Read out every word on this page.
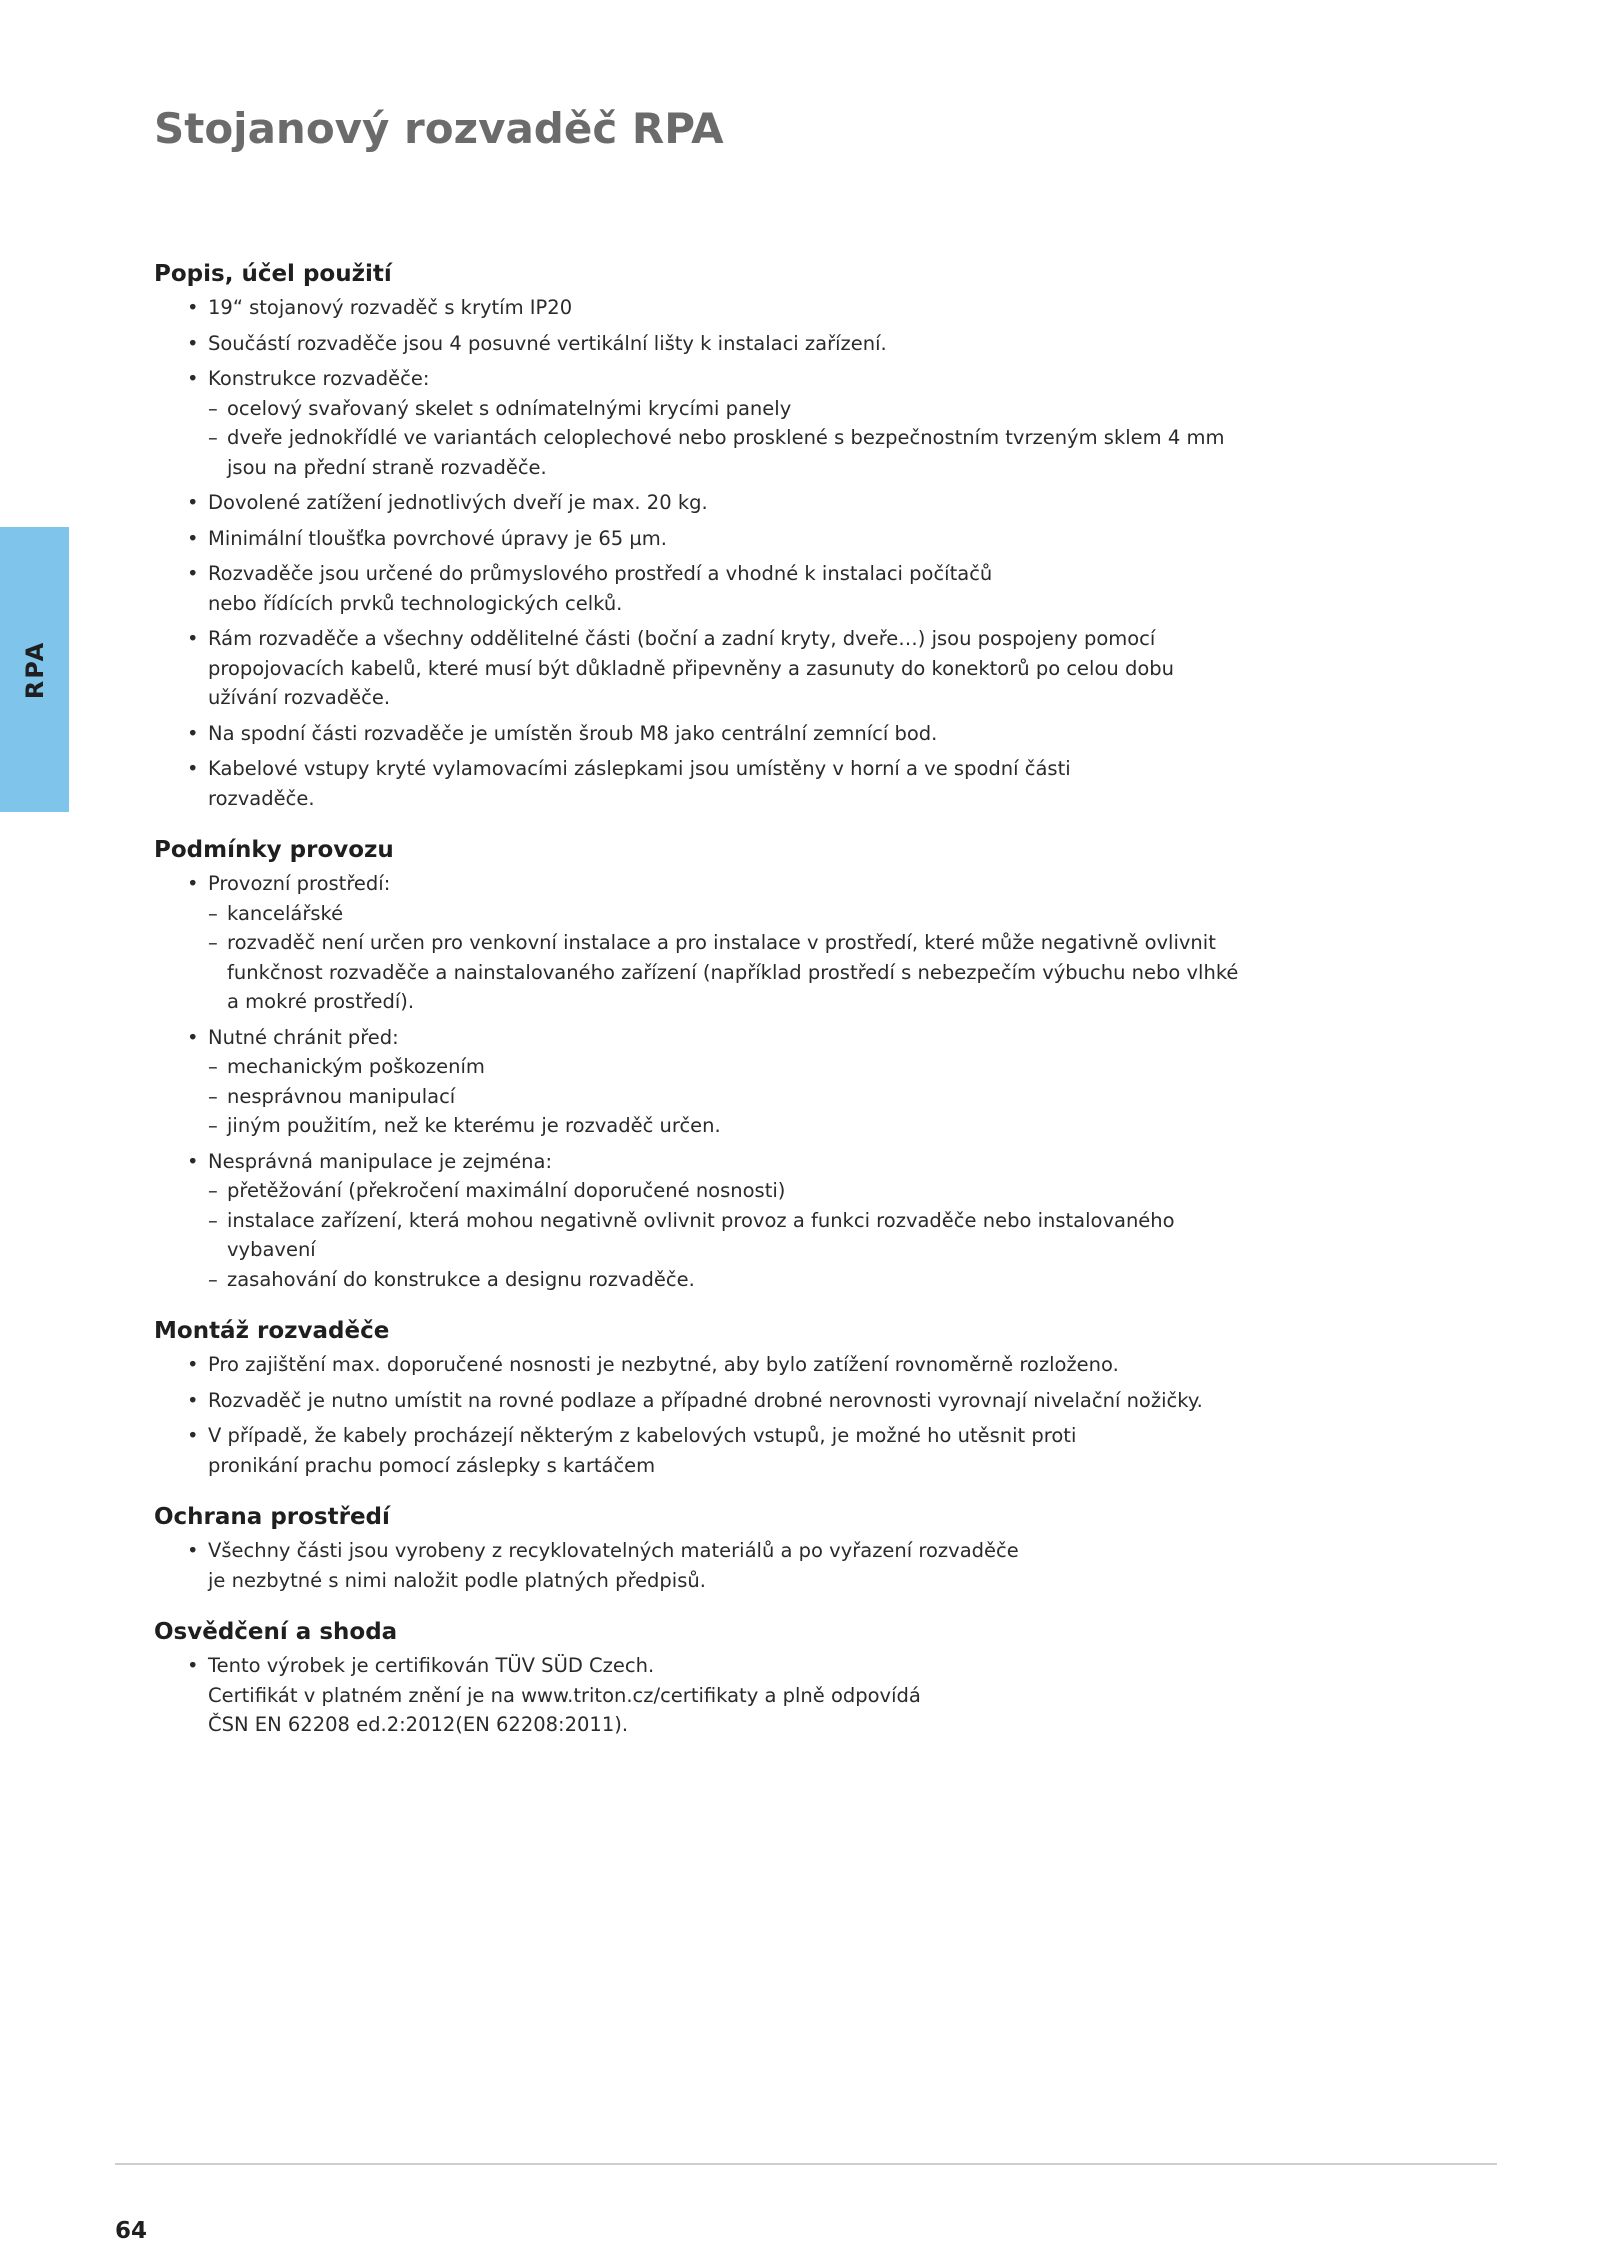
Stojanový rozvaděč RPA
RPA
Popis, účel použití
• 19“ stojanový rozvaděč s krytím IP20
• Součástí rozvaděče jsou 4 posuvné vertikální lišty k instalaci zařízení.
• Konstrukce rozvaděče:
– ocelový svařovaný skelet s odnímatelnými krycími panely
– dveře jednokřídlé ve variantách celoplechové nebo prosklené s bezpečnostním tvrzeným sklem 4 mm jsou na přední straně rozvaděče.
• Dovolené zatížení jednotlivých dveří je max. 20 kg.
• Minimální tloušťka povrchové úpravy je 65 µm.
• Rozvaděče jsou určené do průmyslového prostředí a vhodné k instalaci počítačů
nebo řídících prvků technologických celků.
• Rám rozvaděče a všechny oddělitelné části (boční a zadní kryty, dveře…) jsou pospojeny pomocí
propojovacích kabelů, které musí být důkladně připevněny a zasunuty do konektorů po celou dobu
užívání rozvaděče.
• Na spodní části rozvaděče je umístěn šroub M8 jako centrální zemnící bod.
• Kabelové vstupy kryté vylamovacími záslepkami jsou umístěny v horní a ve spodní části
rozvaděče.
Podmínky provozu
• Provozní prostředí:
– kancelářské
– rozvaděč není určen pro venkovní instalace a pro instalace v prostředí, které může negativně ovlivnit funkčnost rozvaděče a nainstalovaného zařízení (například prostředí s nebezpečím výbuchu nebo vlhké a mokré prostředí).
• Nutné chránit před:
– mechanickým poškozením
– nesprávnou manipulací
– jiným použitím, než ke kterému je rozvaděč určen.
• Nesprávná manipulace je zejména:
– přetěžování (překročení maximální doporučené nosnosti)
– instalace zařízení, která mohou negativně ovlivnit provoz a funkci rozvaděče nebo instalovaného vybavení
– zasahování do konstrukce a designu rozvaděče.
Montáž rozvaděče
• Pro zajištění max. doporučené nosnosti je nezbytné, aby bylo zatížení rovnoměrně rozloženo.
• Rozvaděč je nutno umístit na rovné podlaze a případné drobné nerovnosti vyrovnají nivelační nožičky.
• V případě, že kabely procházejí některým z kabelových vstupů, je možné ho utěsnit proti
pronikání prachu pomocí záslepky s kartáčem
Ochrana prostředí
• Všechny části jsou vyrobeny z recyklovatelných materiálů a po vyřazení rozvaděče
je nezbytné s nimi naložit podle platných předpisů.
Osvědčení a shoda
• Tento výrobek je certifikován TÜV SÜD Czech.
Certifikát v platném znění je na www.triton.cz/certifikaty a plně odpovídá
ČSN EN 62208 ed.2:2012(EN 62208:2011).
64
